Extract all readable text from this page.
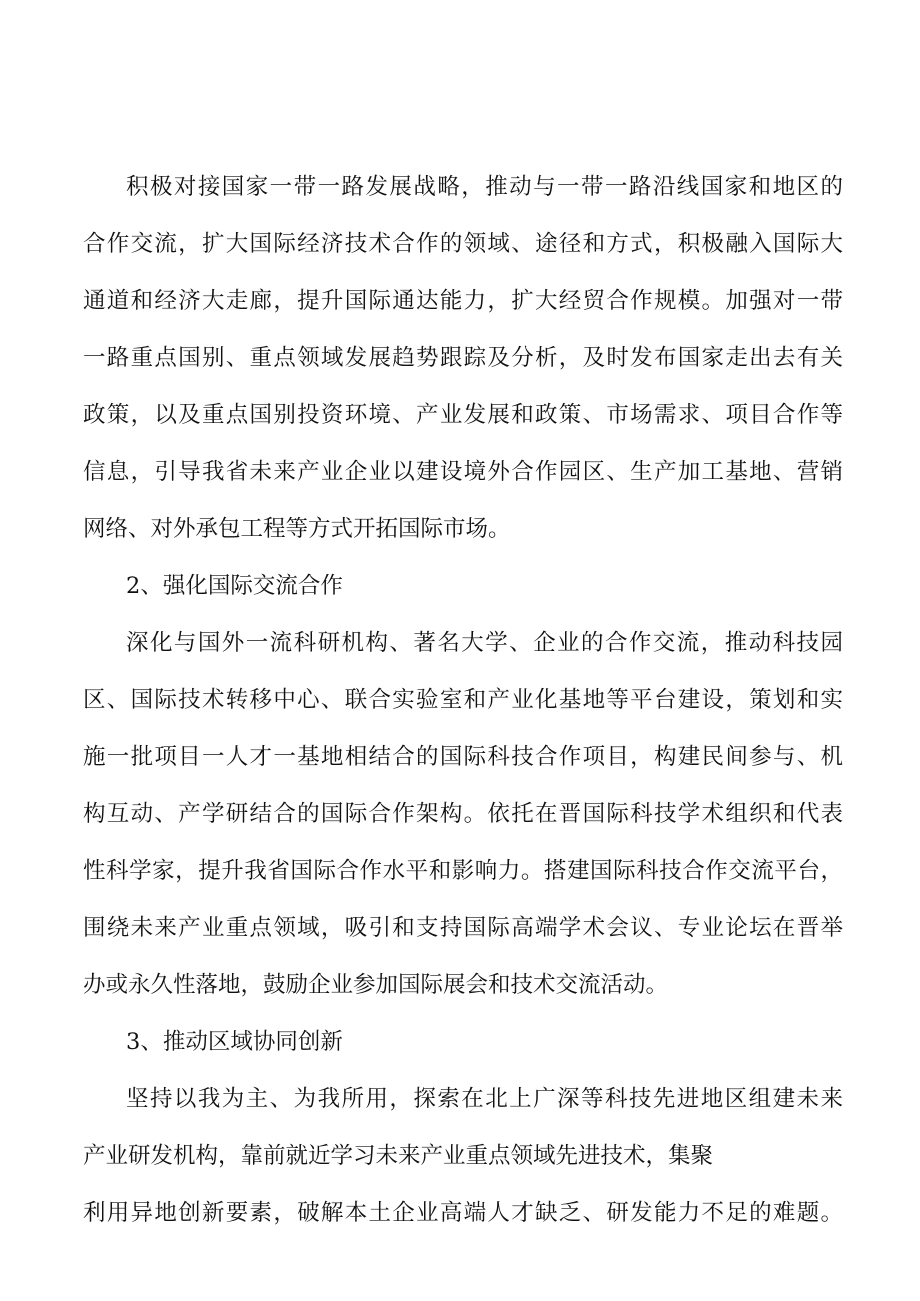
积极对接国家一带一路发展战略，推动与一带一路沿线国家和地区的
合作交流，扩大国际经济技术合作的领域、途径和方式，积极融入国际大
通道和经济大走廊，提升国际通达能力，扩大经贸合作规模。加强对一带
一路重点国别、重点领域发展趋势跟踪及分析，及时发布国家走出去有关
政策，以及重点国别投资环境、产业发展和政策、市场需求、项目合作等
信息，引导我省未来产业企业以建设境外合作园区、生产加工基地、营销
网络、对外承包工程等方式开拓国际市场。
2、强化国际交流合作
深化与国外一流科研机构、著名大学、企业的合作交流，推动科技园
区、国际技术转移中心、联合实验室和产业化基地等平台建设，策划和实
施一批项目一人才一基地相结合的国际科技合作项目，构建民间参与、机
构互动、产学研结合的国际合作架构。依托在晋国际科技学术组织和代表
性科学家，提升我省国际合作水平和影响力。搭建国际科技合作交流平台，
围绕未来产业重点领域，吸引和支持国际高端学术会议、专业论坛在晋举
办或永久性落地，鼓励企业参加国际展会和技术交流活动。
3、推动区域协同创新
坚持以我为主、为我所用，探索在北上广深等科技先进地区组建未来
产业研发机构，靠前就近学习未来产业重点领域先进技术，集聚
利用异地创新要素，破解本土企业高端人才缺乏、研发能力不足的难题。
